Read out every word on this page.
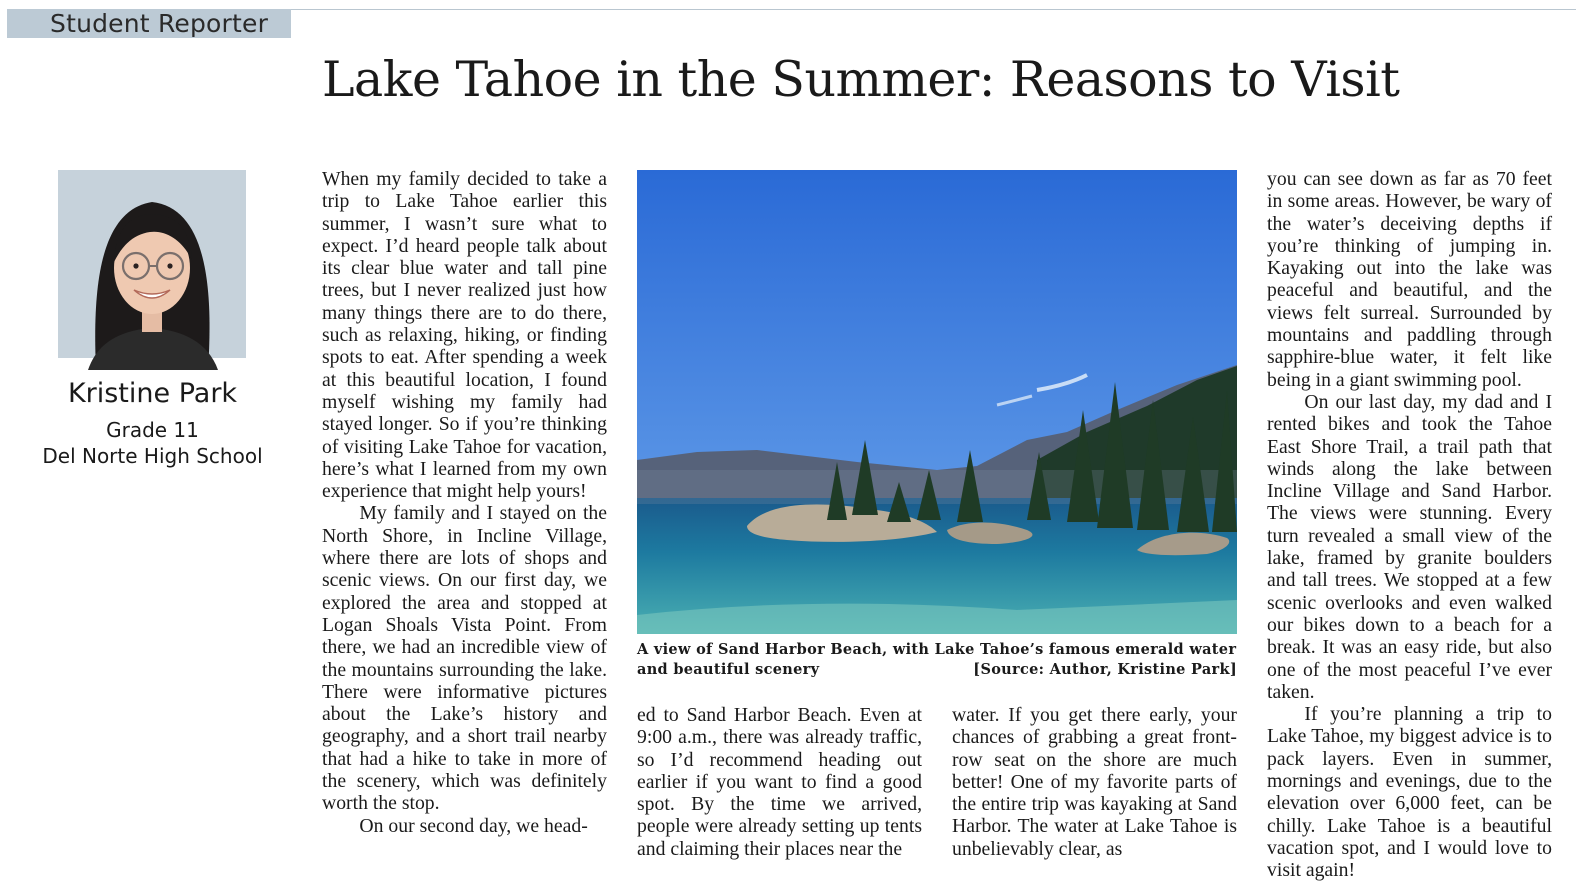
Student Reporter
Lake Tahoe in the Summer: Reasons to Visit
Kristine Park
Grade 11
Del Norte High School

When my family decided to take a trip to Lake Tahoe earlier this summer, I wasn’t sure what to expect. I’d heard people talk about its clear blue water and tall pine trees, but I never realized just how many things there are to do there, such as relaxing, hiking, or finding spots to eat. After spending a week at this beautiful location, I found myself wishing my family had stayed longer. So if you’re thinking of visiting Lake Tahoe for vacation, here’s what I learned from my own experience that might help yours!

My family and I stayed on the North Shore, in Incline Village, where there are lots of shops and scenic views. On our first day, we explored the area and stopped at Logan Shoals Vista Point. From there, we had an incredible view of the mountains surrounding the lake. There were informative pictures about the Lake’s history and geography, and a short trail nearby that had a hike to take in more of the scenery, which was definitely worth the stop.

On our second day, we head-

A view of Sand Harbor Beach, with Lake Tahoe’s famous emerald water
and beautiful scenery	[Source: Author, Kristine Park]

ed to Sand Harbor Beach. Even at 9:00 a.m., there was already traffic, so I’d recommend heading out earlier if you want to find a good spot. By the time we arrived, people were already setting up tents and claiming their places near the

water. If you get there early, your chances of grabbing a great front-row seat on the shore are much better! One of my favorite parts of the entire trip was kayaking at Sand Harbor. The water at Lake Tahoe is unbelievably clear, as

you can see down as far as 70 feet in some areas. However, be wary of the water’s deceiving depths if you’re thinking of jumping in. Kayaking out into the lake was peaceful and beautiful, and the views felt surreal. Surrounded by mountains and paddling through sapphire-blue water, it felt like being in a giant swimming pool.

On our last day, my dad and I rented bikes and took the Tahoe East Shore Trail, a trail path that winds along the lake between Incline Village and Sand Harbor. The views were stunning. Every turn revealed a small view of the lake, framed by granite boulders and tall trees. We stopped at a few scenic overlooks and even walked our bikes down to a beach for a break. It was an easy ride, but also one of the most peaceful I’ve ever taken.

If you’re planning a trip to Lake Tahoe, my biggest advice is to pack layers. Even in summer, mornings and evenings, due to the elevation over 6,000 feet, can be chilly. Lake Tahoe is a beautiful vacation spot, and I would love to visit again!
